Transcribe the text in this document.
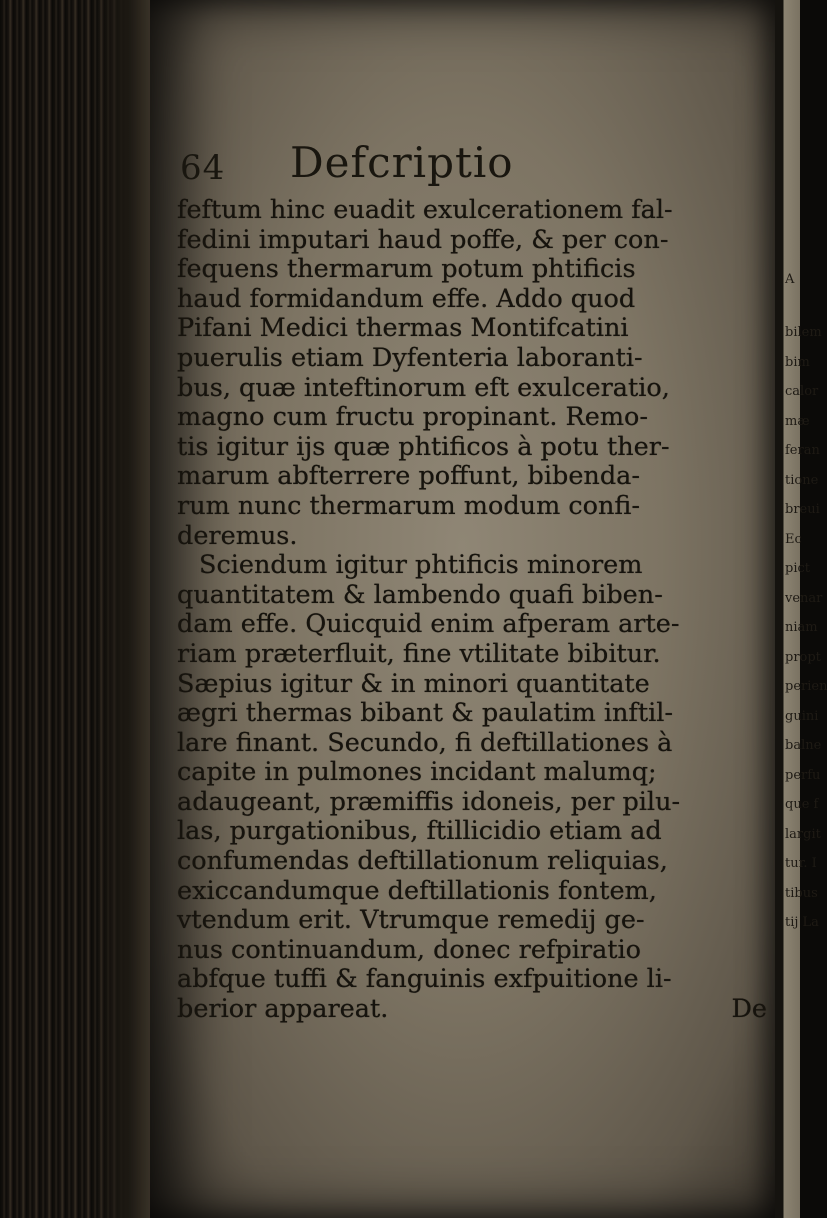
64 Defcriptio
feftum hinc euadit exulcerationem fal-
fedini imputari haud poffe, & per con-
fequens thermarum potum phtificis
haud formidandum effe. Addo quod
Pifani Medici thermas Montifcatini
puerulis etiam Dyfenteria laboranti-
bus, quæ inteftinorum eft exulceratio,
magno cum fructu propinant. Remo-
tis igitur ijs quæ phtificos à potu ther-
marum abfterrere poffunt, bibenda-
rum nunc thermarum modum confi-
deremus.
Sciendum igitur phtificis minorem
quantitatem & lambendo quafi biben-
dam effe. Quicquid enim afperam arte-
riam præterfluit, fine vtilitate bibitur.
Sæpius igitur & in minori quantitate
ægri thermas bibant & paulatim inftil-
lare finant. Secundo, fi deftillationes à
capite in pulmones incidant malumq;
adaugeant, præmiffis idoneis, per pilu-
las, purgationibus, ftillicidio etiam ad
confumendas deftillationum reliquias,
exiccandumque deftillationis fontem,
vtendum erit. Vtrumque remedij ge-
nus continuandum, donec refpiratio
abfque tuffi & fanguinis exfpuitione li-
berior appareat.	De
A
bilem
bim
calor
mæ
feran
tione
breui
Ec
pict
venar
niam
propt
perien
guini
balne
perfu
que f
largit
tur. I
tibus
tij La
